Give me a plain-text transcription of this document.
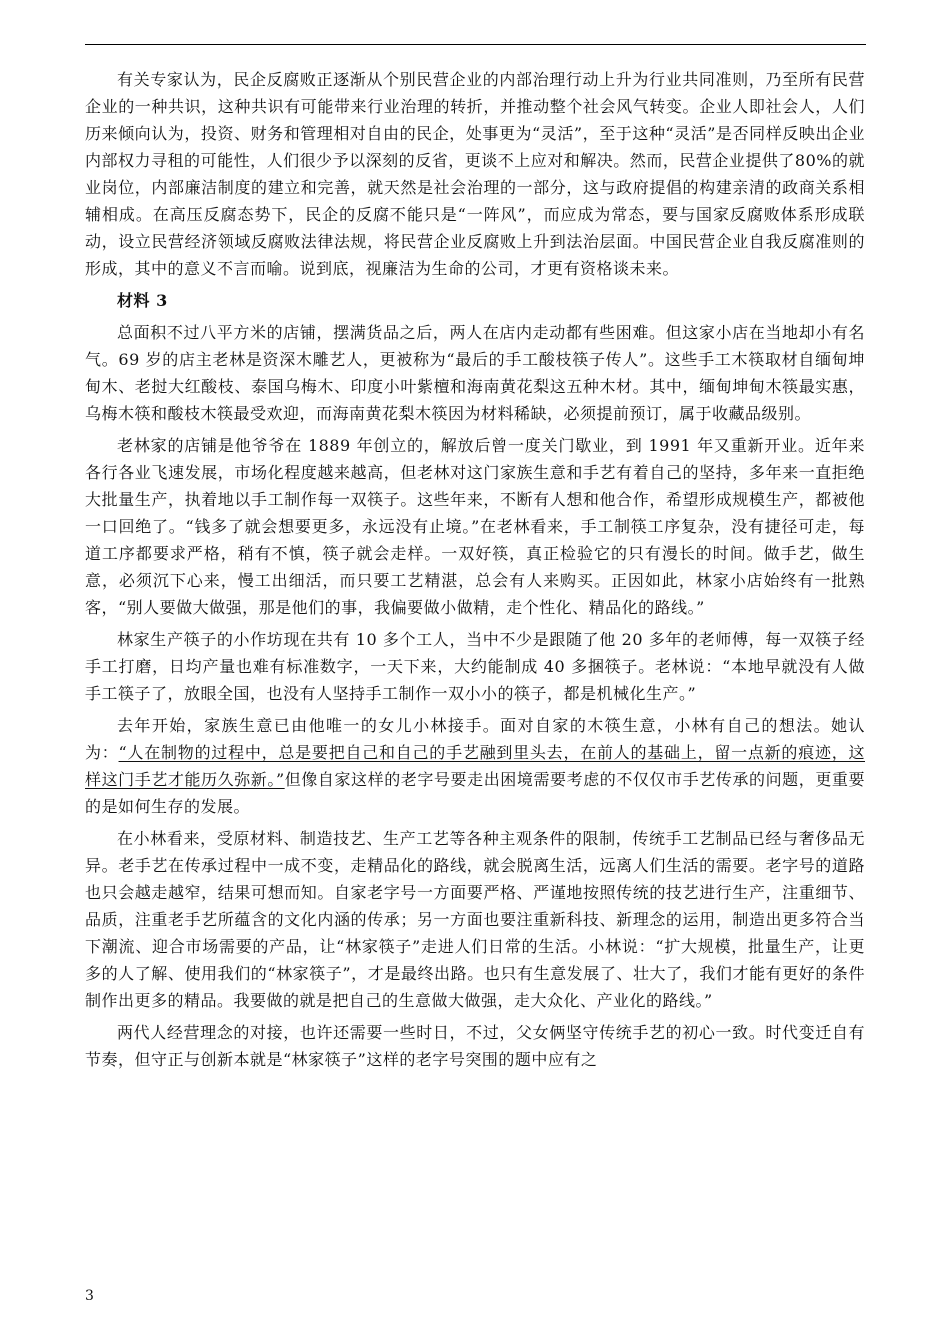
有关专家认为，民企反腐败正逐渐从个别民营企业的内部治理行动上升为行业共同准则，乃至所有民营企业的一种共识，这种共识有可能带来行业治理的转折，并推动整个社会风气转变。企业人即社会人，人们历来倾向认为，投资、财务和管理相对自由的民企，处事更为“灵活”，至于这种“灵活”是否同样反映出企业内部权力寻租的可能性，人们很少予以深刻的反省，更谈不上应对和解决。然而，民营企业提供了80%的就业岗位，内部廉洁制度的建立和完善，就天然是社会治理的一部分，这与政府提倡的构建亲清的政商关系相辅相成。在高压反腐态势下，民企的反腐不能只是“一阵风”，而应成为常态，要与国家反腐败体系形成联动，设立民营经济领域反腐败法律法规，将民营企业反腐败上升到法治层面。中国民营企业自我反腐准则的形成，其中的意义不言而喻。说到底，视廉洁为生命的公司，才更有资格谈未来。

材料 3

总面积不过八平方米的店铺，摆满货品之后，两人在店内走动都有些困难。但这家小店在当地却小有名气。69 岁的店主老林是资深木雕艺人，更被称为“最后的手工酸枝筷子传人”。这些手工木筷取材自缅甸坤甸木、老挝大红酸枝、泰国乌梅木、印度小叶紫檀和海南黄花梨这五种木材。其中，缅甸坤甸木筷最实惠，乌梅木筷和酸枝木筷最受欢迎，而海南黄花梨木筷因为材料稀缺，必须提前预订，属于收藏品级别。

老林家的店铺是他爷爷在 1889 年创立的，解放后曾一度关门歇业，到 1991 年又重新开业。近年来各行各业飞速发展，市场化程度越来越高，但老林对这门家族生意和手艺有着自己的坚持，多年来一直拒绝大批量生产，执着地以手工制作每一双筷子。这些年来，不断有人想和他合作，希望形成规模生产，都被他一口回绝了。“钱多了就会想要更多，永远没有止境。”在老林看来，手工制筷工序复杂，没有捷径可走，每道工序都要求严格，稍有不慎，筷子就会走样。一双好筷，真正检验它的只有漫长的时间。做手艺，做生意，必须沉下心来，慢工出细活，而只要工艺精湛，总会有人来购买。正因如此，林家小店始终有一批熟客，“别人要做大做强，那是他们的事，我偏要做小做精，走个性化、精品化的路线。”

林家生产筷子的小作坊现在共有 10 多个工人，当中不少是跟随了他 20 多年的老师傅，每一双筷子经手工打磨，日均产量也难有标准数字，一天下来，大约能制成 40 多捆筷子。老林说：“本地早就没有人做手工筷子了，放眼全国，也没有人坚持手工制作一双小小的筷子，都是机械化生产。”

去年开始，家族生意已由他唯一的女儿小林接手。面对自家的木筷生意，小林有自己的想法。她认为：“人在制物的过程中，总是要把自己和自己的手艺融到里头去，在前人的基础上，留一点新的痕迹，这样这门手艺才能历久弥新。”但像自家这样的老字号要走出困境需要考虑的不仅仅市手艺传承的问题，更重要的是如何生存的发展。

在小林看来，受原材料、制造技艺、生产工艺等各种主观条件的限制，传统手工艺制品已经与奢侈品无异。老手艺在传承过程中一成不变，走精品化的路线，就会脱离生活，远离人们生活的需要。老字号的道路也只会越走越窄，结果可想而知。自家老字号一方面要严格、严谨地按照传统的技艺进行生产，注重细节、品质，注重老手艺所蕴含的文化内涵的传承；另一方面也要注重新科技、新理念的运用，制造出更多符合当下潮流、迎合市场需要的产品，让“林家筷子”走进人们日常的生活。小林说：“扩大规模，批量生产，让更多的人了解、使用我们的“林家筷子”，才是最终出路。也只有生意发展了、壮大了，我们才能有更好的条件制作出更多的精品。我要做的就是把自己的生意做大做强，走大众化、产业化的路线。”

两代人经营理念的对接，也许还需要一些时日，不过，父女俩坚守传统手艺的初心一致。时代变迁自有节奏，但守正与创新本就是“林家筷子”这样的老字号突围的题中应有之

3
